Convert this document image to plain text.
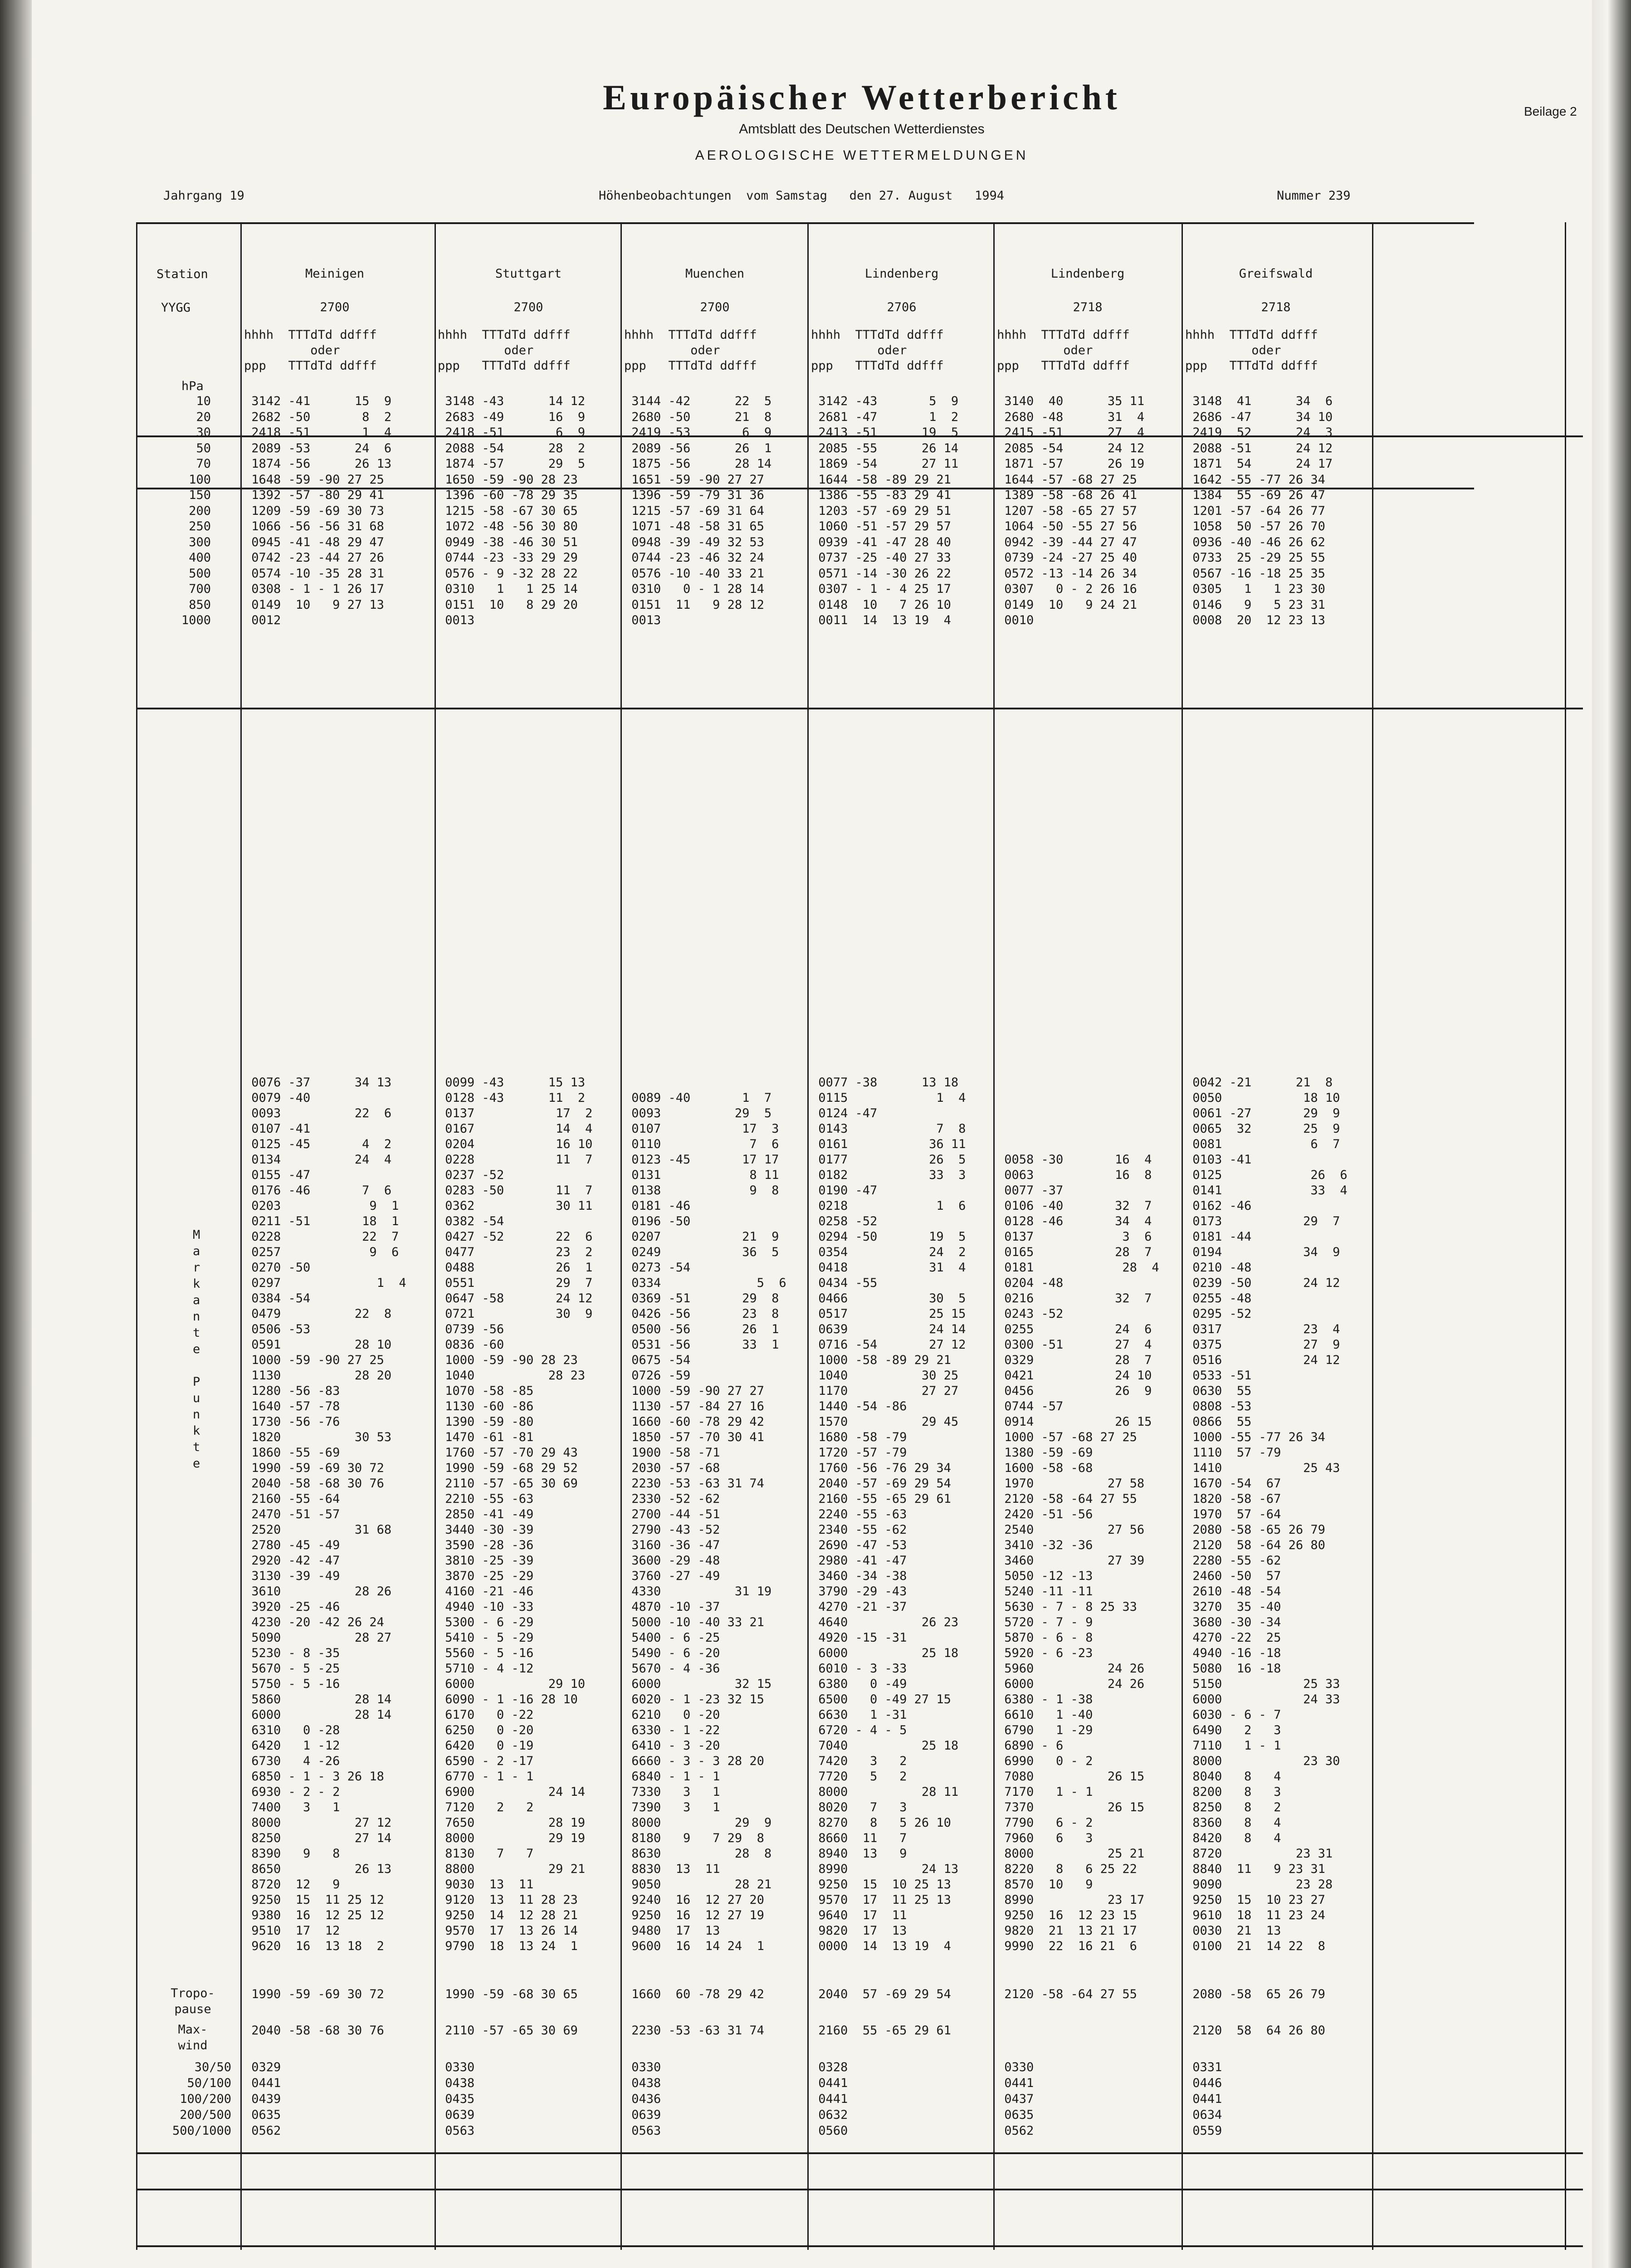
Europäischer Wetterbericht
Amtsblatt des Deutschen Wetterdienstes
AEROLOGISCHE WETTERMELDUNGEN
Beilage 2
Jahrgang 19	Höhenbeobachtungen  vom Samstag   den 27. August   1994	Nummer 239
Station
YYGG
hPa
10
20
30
50
70
100
150
200
250
300
400
500
700
850
1000
M
a
r
k
a
n
t
e

P
u
n
k
t
e
Tropo-
pause
Max-
wind
30/50
50/100
100/200
200/500
500/1000
Meinigen
2700
hhhh  TTTdTd ddfff
oder
ppp   TTTdTd ddfff
3142 -41      15  9
2682 -50       8  2
2418 -51       1  4
2089 -53      24  6
1874 -56      26 13
1648 -59 -90 27 25
1392 -57 -80 29 41
1209 -59 -69 30 73
1066 -56 -56 31 68
0945 -41 -48 29 47
0742 -23 -44 27 26
0574 -10 -35 28 31
0308 - 1 - 1 26 17
0149  10   9 27 13
0012
0076 -37      34 13
0079 -40
0093          22  6
0107 -41
0125 -45       4  2
0134          24  4
0155 -47
0176 -46       7  6
0203            9  1
0211 -51       18  1
0228           22  7
0257            9  6
0270 -50
0297             1  4
0384 -54
0479          22  8
0506 -53
0591          28 10
1000 -59 -90 27 25
1130          28 20
1280 -56 -83
1640 -57 -78
1730 -56 -76
1820          30 53
1860 -55 -69
1990 -59 -69 30 72
2040 -58 -68 30 76
2160 -55 -64
2470 -51 -57
2520          31 68
2780 -45 -49
2920 -42 -47
3130 -39 -49
3610          28 26
3920 -25 -46
4230 -20 -42 26 24
5090          28 27
5230 - 8 -35
5670 - 5 -25
5750 - 5 -16
5860          28 14
6000          28 14
6310   0 -28
6420   1 -12
6730   4 -26
6850 - 1 - 3 26 18
6930 - 2 - 2
7400   3   1
8000          27 12
8250          27 14
8390   9   8
8650          26 13
8720  12   9
9250  15  11 25 12
9380  16  12 25 12
9510  17  12
9620  16  13 18  2
1990 -59 -69 30 72
2040 -58 -68 30 76
0329
0441
0439
0635
0562
Stuttgart
2700
hhhh  TTTdTd ddfff
oder
ppp   TTTdTd ddfff
3148 -43      14 12
2683 -49      16  9
2418 -51       6  9
2088 -54      28  2
1874 -57      29  5
1650 -59 -90 28 23
1396 -60 -78 29 35
1215 -58 -67 30 65
1072 -48 -56 30 80
0949 -38 -46 30 51
0744 -23 -33 29 29
0576 - 9 -32 28 22
0310   1   1 25 14
0151  10   8 29 20
0013
0099 -43      15 13
0128 -43      11  2
0137           17  2
0167           14  4
0204           16 10
0228           11  7
0237 -52
0283 -50       11  7
0362           30 11
0382 -54
0427 -52       22  6
0477           23  2
0488           26  1
0551           29  7
0647 -58       24 12
0721           30  9
0739 -56
0836 -60
1000 -59 -90 28 23
1040          28 23
1070 -58 -85
1130 -60 -86
1390 -59 -80
1470 -61 -81
1760 -57 -70 29 43
1990 -59 -68 29 52
2110 -57 -65 30 69
2210 -55 -63
2850 -41 -49
3440 -30 -39
3590 -28 -36
3810 -25 -39
3870 -25 -29
4160 -21 -46
4940 -10 -33
5300 - 6 -29
5410 - 5 -29
5560 - 5 -16
5710 - 4 -12
6000          29 10
6090 - 1 -16 28 10
6170   0 -22
6250   0 -20
6420   0 -19
6590 - 2 -17
6770 - 1 - 1
6900          24 14
7120   2   2
7650          28 19
8000          29 19
8130   7   7
8800          29 21
9030  13  11
9120  13  11 28 23
9250  14  12 28 21
9570  17  13 26 14
9790  18  13 24  1
1990 -59 -68 30 65
2110 -57 -65 30 69
0330
0438
0435
0639
0563
Muenchen
2700
hhhh  TTTdTd ddfff
oder
ppp   TTTdTd ddfff
3144 -42      22  5
2680 -50      21  8
2419 -53       6  9
2089 -56      26  1
1875 -56      28 14
1651 -59 -90 27 27
1396 -59 -79 31 36
1215 -57 -69 31 64
1071 -48 -58 31 65
0948 -39 -49 32 53
0744 -23 -46 32 24
0576 -10 -40 33 21
0310   0 - 1 28 14
0151  11   9 28 12
0013

0089 -40       1  7
0093          29  5
0107           17  3
0110            7  6
0123 -45       17 17
0131            8 11
0138            9  8
0181 -46
0196 -50
0207           21  9
0249           36  5
0273 -54
0334             5  6
0369 -51       29  8
0426 -56       23  8
0500 -56       26  1
0531 -56       33  1
0675 -54
0726 -59
1000 -59 -90 27 27
1130 -57 -84 27 16
1660 -60 -78 29 42
1850 -57 -70 30 41
1900 -58 -71
2030 -57 -68
2230 -53 -63 31 74
2330 -52 -62
2700 -44 -51
2790 -43 -52
3160 -36 -47
3600 -29 -48
3760 -27 -49
4330          31 19
4870 -10 -37
5000 -10 -40 33 21
5400 - 6 -25
5490 - 6 -20
5670 - 4 -36
6000          32 15
6020 - 1 -23 32 15
6210   0 -20
6330 - 1 -22
6410 - 3 -20
6660 - 3 - 3 28 20
6840 - 1 - 1
7330   3   1
7390   3   1
8000          29  9
8180   9   7 29  8
8630          28  8
8830  13  11
9050          28 21
9240  16  12 27 20
9250  16  12 27 19
9480  17  13
9600  16  14 24  1
1660  60 -78 29 42
2230 -53 -63 31 74
0330
0438
0436
0639
0563
Lindenberg
2706
hhhh  TTTdTd ddfff
oder
ppp   TTTdTd ddfff
3142 -43       5  9
2681 -47       1  2
2413 -51      19  5
2085 -55      26 14
1869 -54      27 11
1644 -58 -89 29 21
1386 -55 -83 29 41
1203 -57 -69 29 51
1060 -51 -57 29 57
0939 -41 -47 28 40
0737 -25 -40 27 33
0571 -14 -30 26 22
0307 - 1 - 4 25 17
0148  10   7 26 10
0011  14  13 19  4
0077 -38      13 18
0115            1  4
0124 -47
0143            7  8
0161           36 11
0177           26  5
0182           33  3
0190 -47
0218            1  6
0258 -52
0294 -50       19  5
0354           24  2
0418           31  4
0434 -55
0466           30  5
0517           25 15
0639           24 14
0716 -54       27 12
1000 -58 -89 29 21
1040          30 25
1170          27 27
1440 -54 -86
1570          29 45
1680 -58 -79
1720 -57 -79
1760 -56 -76 29 34
2040 -57 -69 29 54
2160 -55 -65 29 61
2240 -55 -63
2340 -55 -62
2690 -47 -53
2980 -41 -47
3460 -34 -38
3790 -29 -43
4270 -21 -37
4640          26 23
4920 -15 -31
6000          25 18
6010 - 3 -33
6380   0 -49
6500   0 -49 27 15
6630   1 -31
6720 - 4 - 5
7040          25 18
7420   3   2
7720   5   2
8000          28 11
8020   7   3
8270   8   5 26 10
8660  11   7
8940  13   9
8990          24 13
9250  15  10 25 13
9570  17  11 25 13
9640  17  11
9820  17  13
0000  14  13 19  4
2040  57 -69 29 54
2160  55 -65 29 61
0328
0441
0441
0632
0560
Lindenberg
2718
hhhh  TTTdTd ddfff
oder
ppp   TTTdTd ddfff
3140  40      35 11
2680 -48      31  4
2415 -51      27  4
2085 -54      24 12
1871 -57      26 19
1644 -57 -68 27 25
1389 -58 -68 26 41
1207 -58 -65 27 57
1064 -50 -55 27 56
0942 -39 -44 27 47
0739 -24 -27 25 40
0572 -13 -14 26 34
0307   0 - 2 26 16
0149  10   9 24 21
0010

0058 -30       16  4
0063           16  8
0077 -37
0106 -40       32  7
0128 -46       34  4
0137            3  6
0165           28  7
0181            28  4
0204 -48
0216           32  7
0243 -52
0255           24  6
0300 -51       27  4
0329           28  7
0421           24 10
0456           26  9
0744 -57
0914           26 15
1000 -57 -68 27 25
1380 -59 -69
1600 -58 -68
1970          27 58
2120 -58 -64 27 55
2420 -51 -56
2540          27 56
3410 -32 -36
3460          27 39
5050 -12 -13
5240 -11 -11
5630 - 7 - 8 25 33
5720 - 7 - 9
5870 - 6 - 8
5920 - 6 -23
5960          24 26
6000          24 26
6380 - 1 -38
6610   1 -40
6790   1 -29
6890 - 6
6990   0 - 2
7080          26 15
7170   1 - 1
7370          26 15
7790   6 - 2
7960   6   3
8000          25 21
8220   8   6 25 22
8570  10   9
8990          23 17
9250  16  12 23 15
9820  21  13 21 17
9990  22  16 21  6
2120 -58 -64 27 55
0330
0441
0437
0635
0562
Greifswald
2718
hhhh  TTTdTd ddfff
oder
ppp   TTTdTd ddfff
3148  41      34  6
2686 -47      34 10
2419  52      24  3
2088 -51      24 12
1871  54      24 17
1642 -55 -77 26 34
1384  55 -69 26 47
1201 -57 -64 26 77
1058  50 -57 26 70
0936 -40 -46 26 62
0733  25 -29 25 55
0567 -16 -18 25 35
0305   1   1 23 30
0146   9   5 23 31
0008  20  12 23 13
0042 -21      21  8
0050           18 10
0061 -27       29  9
0065  32       25  9
0081            6  7
0103 -41
0125            26  6
0141            33  4
0162 -46
0173           29  7
0181 -44
0194           34  9
0210 -48
0239 -50       24 12
0255 -48
0295 -52
0317           23  4
0375           27  9
0516           24 12
0533 -51
0630  55
0808 -53
0866  55
1000 -55 -77 26 34
1110  57 -79
1410           25 43
1670 -54  67
1820 -58 -67
1970  57 -64
2080 -58 -65 26 79
2120  58 -64 26 80
2280 -55 -62
2460 -50  57
2610 -48 -54
3270  35 -40
3680 -30 -34
4270 -22  25
4940 -16 -18
5080  16 -18
5150           25 33
6000           24 33
6030 - 6 - 7
6490   2   3
7110   1 - 1
8000           23 30
8040   8   4
8200   8   3
8250   8   2
8360   8   4
8420   8   4
8720          23 31
8840  11   9 23 31
9090          23 28
9250  15  10 23 27
9610  18  11 23 24
0030  21  13
0100  21  14 22  8
2080 -58  65 26 79
2120  58  64 26 80
0331
0446
0441
0634
0559
